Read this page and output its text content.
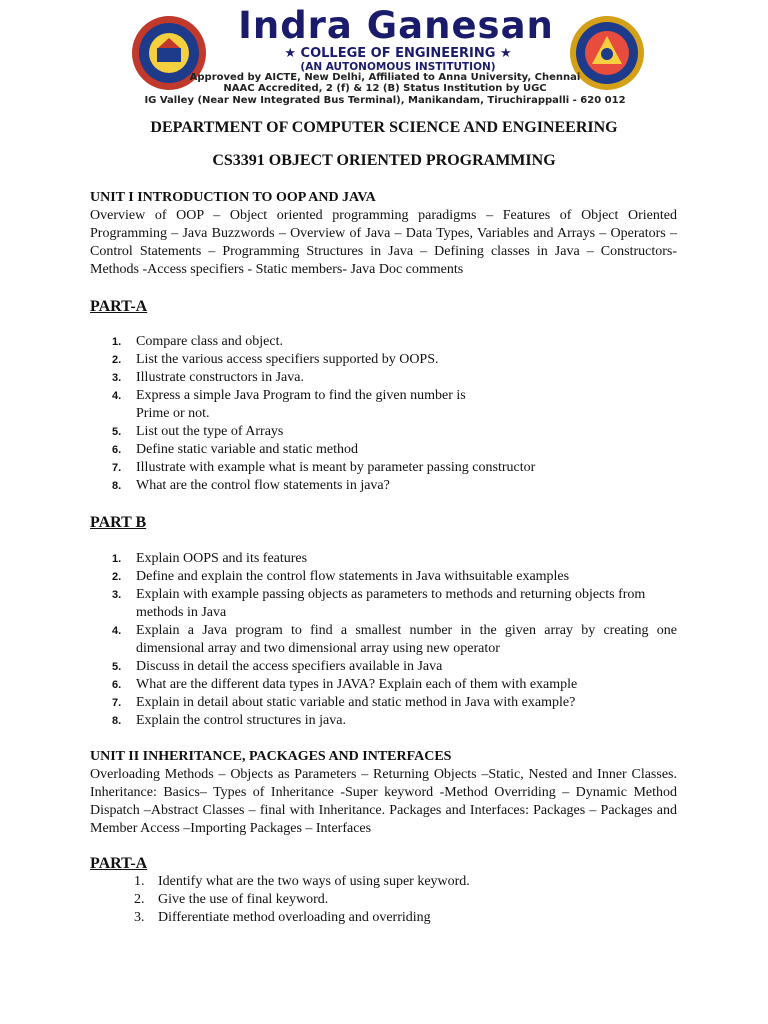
Indra Ganesan
★ COLLEGE OF ENGINEERING ★
(AN AUTONOMOUS INSTITUTION)
Approved by AICTE, New Delhi, Affiliated to Anna University, Chennai
NAAC Accredited, 2 (f) & 12 (B) Status Institution by UGC
IG Valley (Near New Integrated Bus Terminal), Manikandam, Tiruchirappalli - 620 012
DEPARTMENT OF COMPUTER SCIENCE AND ENGINEERING
CS3391 OBJECT ORIENTED PROGRAMMING
UNIT I INTRODUCTION TO OOP AND JAVA
Overview of OOP – Object oriented programming paradigms – Features of Object Oriented Programming – Java Buzzwords – Overview of Java – Data Types, Variables and Arrays – Operators – Control Statements – Programming Structures in Java – Defining classes in Java – Constructors-Methods -Access specifiers - Static members- Java Doc comments
PART-A
1.	Compare class and object.
2.	List the various access specifiers supported by OOPS.
3.	Illustrate constructors in Java.
4.	Express a simple Java Program to find the given number is Prime or not.
5.	List out the type of Arrays
6.	Define static variable and static method
7.	Illustrate with example what is meant by parameter passing constructor
8.	What are the control flow statements in java?
PART B
1.	Explain OOPS and its features
2.	Define and explain the control flow statements in Java withsuitable examples
3.	Explain with example passing objects as parameters to methods and returning objects from methods in Java
4.	Explain a Java program to find a smallest number in the given array by creating one dimensional array and two dimensional array using new operator
5.	Discuss in detail the access specifiers available in Java
6.	What are the different data types in JAVA? Explain each of them with example
7.	Explain in detail about static variable and static method in Java with example?
8.	Explain the control structures in java.
UNIT II INHERITANCE, PACKAGES AND INTERFACES
Overloading Methods – Objects as Parameters – Returning Objects –Static, Nested and Inner Classes. Inheritance: Basics– Types of Inheritance -Super keyword -Method Overriding – Dynamic Method Dispatch –Abstract Classes – final with Inheritance. Packages and Interfaces: Packages – Packages and Member Access –Importing Packages – Interfaces
PART-A
1. Identify what are the two ways of using super keyword.
2. Give the use of final keyword.
3. Differentiate method overloading and overriding
